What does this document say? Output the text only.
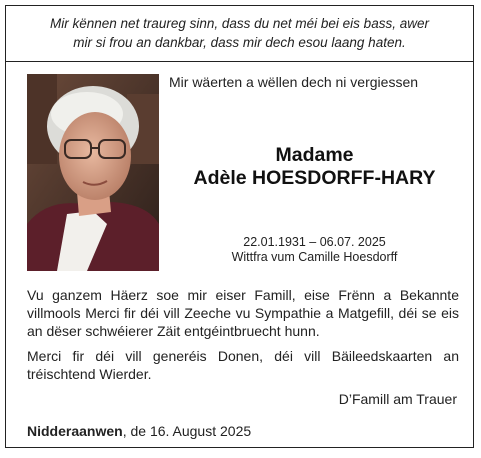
Mir kënnen net traureg sinn, dass du net méi bei eis bass, awer
mir si frou an dankbar, dass mir dech esou laang haten.
Mir wäerten a wëllen dech ni vergiessen
Madame
Adèle HOESDORFF-HARY
22.01.1931 – 06.07. 2025
Wittfra vum Camille Hoesdorff
Vu ganzem Häerz soe mir eiser Famill, eise Frënn a Bekannte villmools Merci fir déi vill Zeeche vu Sympathie a Matgefill, déi se eis an dëser schwéierer Zäit entgéintbruecht hunn.
Merci fir déi vill generéis Donen, déi vill Bäileedskaarten an tréischtend Wierder.
D’Famill am Trauer
Nidderaanwen, de 16. August 2025
